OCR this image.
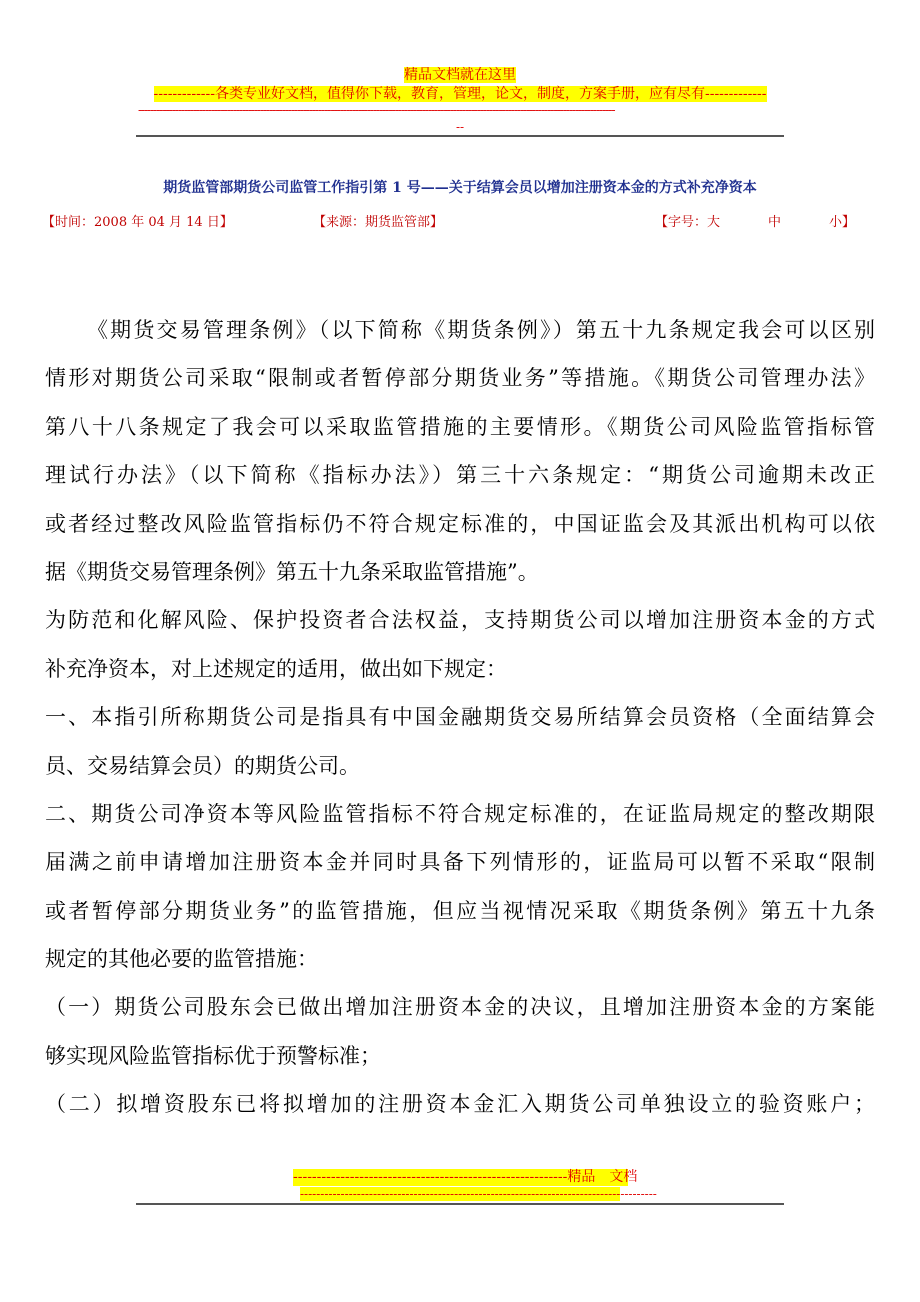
精品文档就在这里
-------------各类专业好文档，值得你下载，教育，管理，论文，制度，方案手册，应有尽有-------------
------------------------------------------------------------------------------------------------------------------------------------------------------------
--
期货监管部期货公司监管工作指引第 1 号——关于结算会员以增加注册资本金的方式补充净资本
【时间：2008 年 04 月 14 日】	【来源：期货监管部】	【字号：大	中	小】
《期货交易管理条例》（以下简称《期货条例》）第五十九条规定我会可以区别
情形对期货公司采取“限制或者暂停部分期货业务”等措施。《期货公司管理办法》
第八十八条规定了我会可以采取监管措施的主要情形。《期货公司风险监管指标管
理试行办法》（以下简称《指标办法》）第三十六条规定：“期货公司逾期未改正
或者经过整改风险监管指标仍不符合规定标准的，中国证监会及其派出机构可以依
据《期货交易管理条例》第五十九条采取监管措施”。
为防范和化解风险、保护投资者合法权益，支持期货公司以增加注册资本金的方式
补充净资本，对上述规定的适用，做出如下规定：
一、本指引所称期货公司是指具有中国金融期货交易所结算会员资格（全面结算会
员、交易结算会员）的期货公司。
二、期货公司净资本等风险监管指标不符合规定标准的，在证监局规定的整改期限
届满之前申请增加注册资本金并同时具备下列情形的，证监局可以暂不采取“限制
或者暂停部分期货业务”的监管措施，但应当视情况采取《期货条例》第五十九条
规定的其他必要的监管措施：
（一）期货公司股东会已做出增加注册资本金的决议，且增加注册资本金的方案能
够实现风险监管指标优于预警标准；
（二）拟增资股东已将拟增加的注册资本金汇入期货公司单独设立的验资账户；
----------------------------------------------------------精品　文档
----------------------------------------------------------------------------------------
